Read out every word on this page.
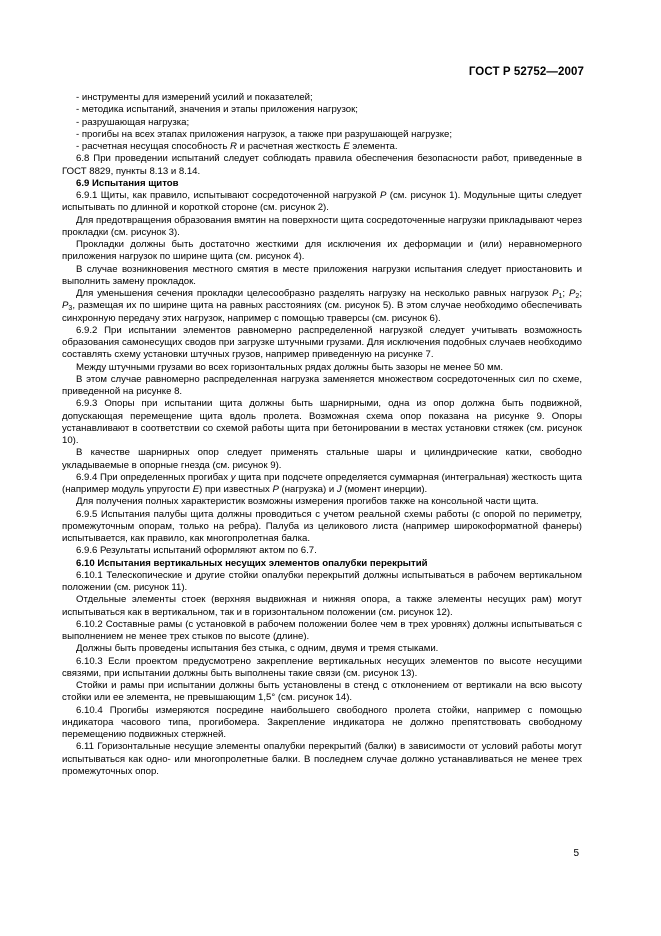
ГОСТ Р 52752—2007

- инструменты для измерений усилий и показателей;

- методика испытаний, значения и этапы приложения нагрузок;

- разрушающая нагрузка;

- прогибы на всех этапах приложения нагрузок, а также при разрушающей нагрузке;

- расчетная несущая способность R и расчетная жесткость E элемента.

6.8 При проведении испытаний следует соблюдать правила обеспечения безопасности работ, приведенные в ГОСТ 8829, пункты 8.13 и 8.14.

6.9 Испытания щитов

6.9.1 Щиты, как правило, испытывают сосредоточенной нагрузкой P (см. рисунок 1). Модульные щиты следует испытывать по длинной и короткой стороне (см. рисунок 2).

Для предотвращения образования вмятин на поверхности щита сосредоточенные нагрузки прикладывают через прокладки (см. рисунок 3).

Прокладки должны быть достаточно жесткими для исключения их деформации и (или) неравномерного приложения нагрузок по ширине щита (см. рисунок 4).

В случае возникновения местного смятия в месте приложения нагрузки испытания следует приостановить и выполнить замену прокладок.

Для уменьшения сечения прокладки целесообразно разделять нагрузку на несколько равных нагрузок $P_1$; $P_2$; $P_3$, размещая их по ширине щита на равных расстояниях (см. рисунок 5). В этом случае необходимо обеспечивать синхронную передачу этих нагрузок, например с помощью траверсы (см. рисунок 6).

6.9.2 При испытании элементов равномерно распределенной нагрузкой следует учитывать возможность образования самонесущих сводов при загрузке штучными грузами. Для исключения подобных случаев необходимо составлять схему установки штучных грузов, например приведенную на рисунке 7.

Между штучными грузами во всех горизонтальных рядах должны быть зазоры не менее 50 мм.

В этом случае равномерно распределенная нагрузка заменяется множеством сосредоточенных сил по схеме, приведенной на рисунке 8.

6.9.3 Опоры при испытании щита должны быть шарнирными, одна из опор должна быть подвижной, допускающая перемещение щита вдоль пролета. Возможная схема опор показана на рисунке 9. Опоры устанавливают в соответствии со схемой работы щита при бетонировании в местах установки стяжек (см. рисунок 10).

В качестве шарнирных опор следует применять стальные шары и цилиндрические катки, свободно укладываемые в опорные гнезда (см. рисунок 9).

6.9.4 При определенных прогибах y щита при подсчете определяется суммарная (интегральная) жесткость щита (например модуль упругости E) при известных P (нагрузка) и J (момент инерции).

Для получения полных характеристик возможны измерения прогибов также на консольной части щита.

6.9.5 Испытания палубы щита должны проводиться с учетом реальной схемы работы (с опорой по периметру, промежуточным опорам, только на ребра). Палуба из целикового листа (например широкоформатной фанеры) испытывается, как правило, как многопролетная балка.

6.9.6 Результаты испытаний оформляют актом по 6.7.

6.10 Испытания вертикальных несущих элементов опалубки перекрытий

6.10.1 Телескопические и другие стойки опалубки перекрытий должны испытываться в рабочем вертикальном положении (см. рисунок 11).

Отдельные элементы стоек (верхняя выдвижная и нижняя опора, а также элементы несущих рам) могут испытываться как в вертикальном, так и в горизонтальном положении (см. рисунок 12).

6.10.2 Составные рамы (с установкой в рабочем положении более чем в трех уровнях) должны испытываться с выполнением не менее трех стыков по высоте (длине).

Должны быть проведены испытания без стыка, с одним, двумя и тремя стыками.

6.10.3 Если проектом предусмотрено закрепление вертикальных несущих элементов по высоте несущими связями, при испытании должны быть выполнены такие связи (см. рисунок 13).

Стойки и рамы при испытании должны быть установлены в стенд с отклонением от вертикали на всю высоту стойки или ее элемента, не превышающим 1,5° (см. рисунок 14).

6.10.4 Прогибы измеряются посредине наибольшего свободного пролета стойки, например с помощью индикатора часового типа, прогибомера. Закрепление индикатора не должно препятствовать свободному перемещению подвижных стержней.

6.11 Горизонтальные несущие элементы опалубки перекрытий (балки) в зависимости от условий работы могут испытываться как одно- или многопролетные балки. В последнем случае должно устанавливаться не менее трех промежуточных опор.

5
